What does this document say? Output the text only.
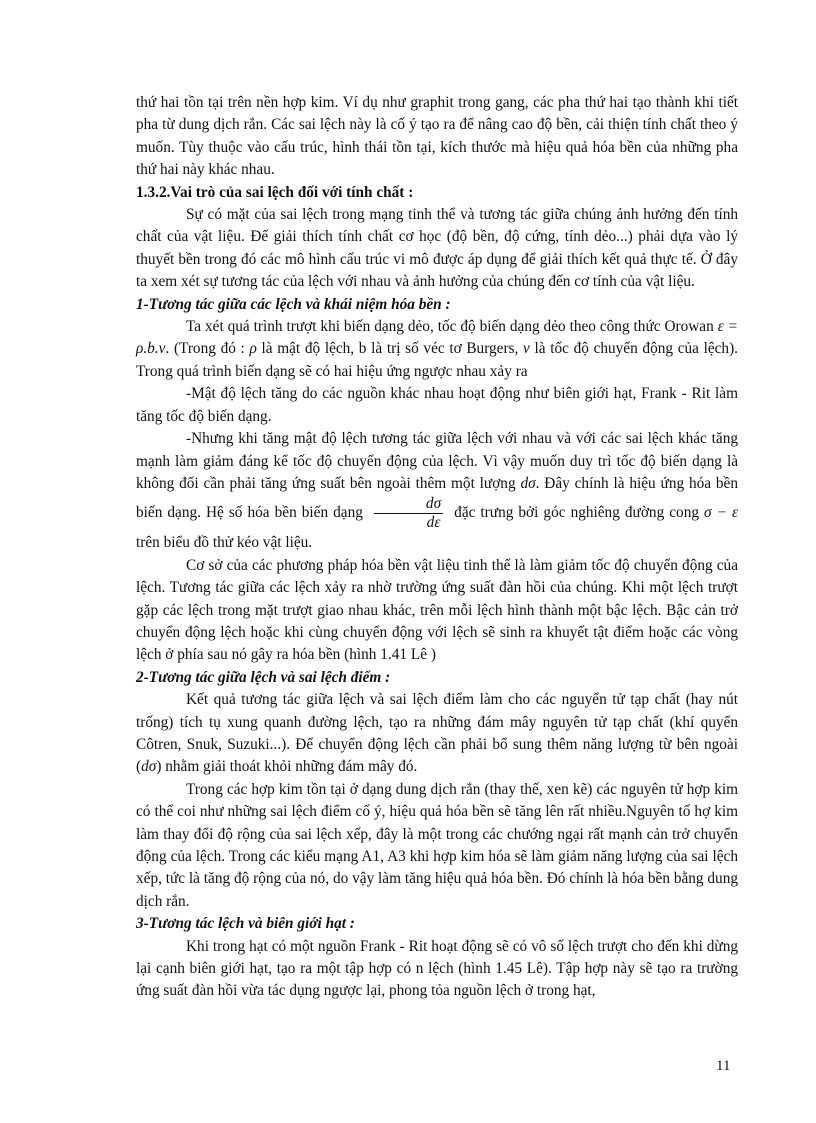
thứ hai tồn tại trên nền hợp kim. Ví dụ như graphit trong gang, các pha thứ hai tạo thành khi tiết pha từ dung dịch rắn. Các sai lệch này là cố ý tạo ra để nâng cao độ bền, cải thiện tính chất theo ý muốn. Tùy thuộc vào cấu trúc, hình thái tồn tại, kích thước mà hiệu quả hóa bền của những pha thứ hai này khác nhau.

1.3.2.Vai trò của sai lệch đối với tính chất :

Sự có mặt của sai lệch trong mạng tinh thể và tương tác giữa chúng ảnh hưởng đến tính chất của vật liệu. Để giải thích tính chất cơ học (độ bền, độ cứng, tính dẻo...) phải dựa vào lý thuyết bền trong đó các mô hình cấu trúc vi mô được áp dụng để giải thích kết quả thực tế. Ở đây ta xem xét sự tương tác của lệch với nhau và ảnh hưởng của chúng đến cơ tính của vật liệu.

1-Tương tác giữa các lệch và khái niệm hóa bền :

Ta xét quá trình trượt khi biến dạng dẻo, tốc độ biến dạng dẻo theo công thức Orowan ε = ρ.b.ν. (Trong đó : ρ là mật độ lệch, b là trị số véc tơ Burgers, ν là tốc độ chuyển động của lệch). Trong quá trình biến dạng sẽ có hai hiệu ứng ngược nhau xảy ra

-Mật độ lệch tăng do các nguồn khác nhau hoạt động như biên giới hạt, Frank - Rit làm tăng tốc độ biến dạng.

-Nhưng khi tăng mật độ lệch tương tác giữa lệch với nhau và với các sai lệch khác tăng mạnh làm giảm đáng kể tốc độ chuyển động của lệch. Vì vậy muốn duy trì tốc độ biến dạng là không đổi cần phải tăng ứng suất bên ngoài thêm một lượng dσ. Đây chính là hiệu ứng hóa bền biến dạng. Hệ số hóa bền biến dạng $\frac{d\sigma}{d\varepsilon}$ đặc trưng bởi góc nghiêng đường cong σ − ε trên biểu đồ thử kéo vật liệu.

Cơ sở của các phương pháp hóa bền vật liệu tinh thể là làm giảm tốc độ chuyển động của lệch. Tương tác giữa các lệch xảy ra nhờ trường ứng suất đàn hồi của chúng. Khi một lệch trượt gặp các lệch trong mặt trượt giao nhau khác, trên mỗi lệch hình thành một bậc lệch. Bậc cản trở chuyển động lệch hoặc khi cùng chuyển động với lệch sẽ sinh ra khuyết tật điểm hoặc các vòng lệch ở phía sau nó gây ra hóa bền (hình 1.41 Lê )

2-Tương tác giữa lệch và sai lệch điểm :

Kết quả tương tác giữa lệch và sai lệch điểm làm cho các nguyển tử tạp chất (hay nút trống) tích tụ xung quanh đường lệch, tạo ra những đám mây nguyên tử tạp chất (khí quyển Côtren, Snuk, Suzuki...). Để chuyển động lệch cần phải bổ sung thêm năng lượng từ bên ngoài (dσ) nhằm giải thoát khỏi những đám mây đó.

Trong các hợp kim tồn tại ở dạng dung dịch rắn (thay thế, xen kẽ) các nguyên tử hợp kim có thể coi như những sai lệch điểm cố ý, hiệu quả hóa bền sẽ tăng lên rất nhiều.Nguyên tố hợ kim làm thay đổi độ rộng của sai lệch xếp, đây là một trong các chướng ngại rất mạnh cản trở chuyển động của lệch. Trong các kiểu mạng A1, A3 khi hợp kim hóa sẽ làm giảm năng lượng của sai lệch xếp, tức là tăng độ rộng của nó, do vậy làm tăng hiệu quả hóa bền. Đó chính là hóa bền bằng dung dịch rắn.

3-Tương tác lệch và biên giới hạt :

Khi trong hạt có một nguồn Frank - Rit hoạt động sẽ có vô số lệch trượt cho đến khi dừng lại cạnh biên giới hạt, tạo ra một tập hợp có n lệch (hình 1.45 Lê). Tập hợp này sẽ tạo ra trường ứng suất đàn hồi vừa tác dụng ngược lại, phong tỏa nguồn lệch ở trong hạt,

11
